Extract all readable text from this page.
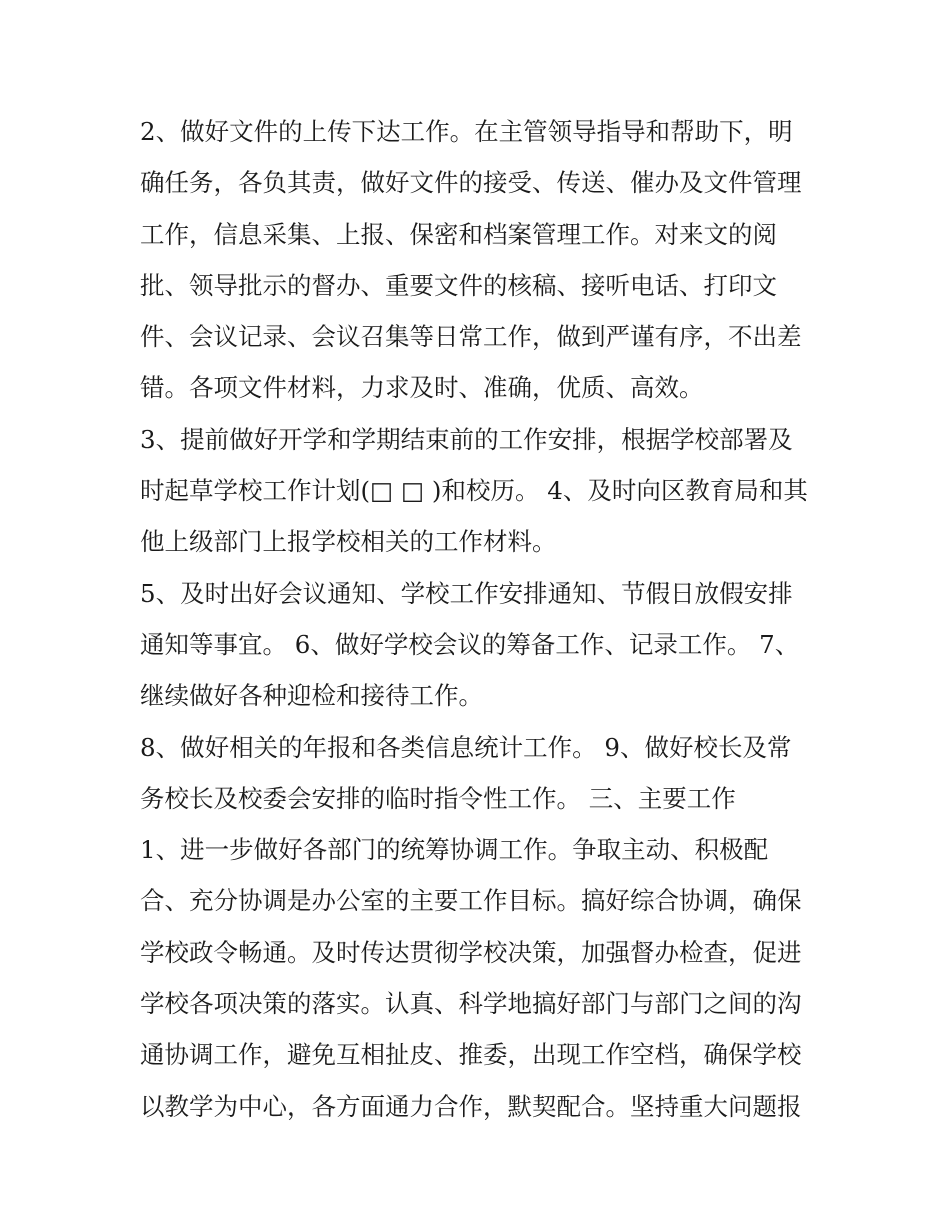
2、做好文件的上传下达工作。在主管领导指导和帮助下，明
确任务，各负其责，做好文件的接受、传送、催办及文件管理
工作，信息采集、上报、保密和档案管理工作。对来文的阅
批、领导批示的督办、重要文件的核稿、接听电话、打印文
件、会议记录、会议召集等日常工作，做到严谨有序，不出差
错。各项文件材料，力求及时、准确，优质、高效。
3、提前做好开学和学期结束前的工作安排，根据学校部署及
时起草学校工作计划(□ □ )和校历。 4、及时向区教育局和其
他上级部门上报学校相关的工作材料。
5、及时出好会议通知、学校工作安排通知、节假日放假安排
通知等事宜。 6、做好学校会议的筹备工作、记录工作。 7、
继续做好各种迎检和接待工作。
8、做好相关的年报和各类信息统计工作。 9、做好校长及常
务校长及校委会安排的临时指令性工作。 三、主要工作
1、进一步做好各部门的统筹协调工作。争取主动、积极配
合、充分协调是办公室的主要工作目标。搞好综合协调，确保
学校政令畅通。及时传达贯彻学校决策，加强督办检查，促进
学校各项决策的落实。认真、科学地搞好部门与部门之间的沟
通协调工作，避免互相扯皮、推委，出现工作空档，确保学校
以教学为中心，各方面通力合作，默契配合。坚持重大问题报
